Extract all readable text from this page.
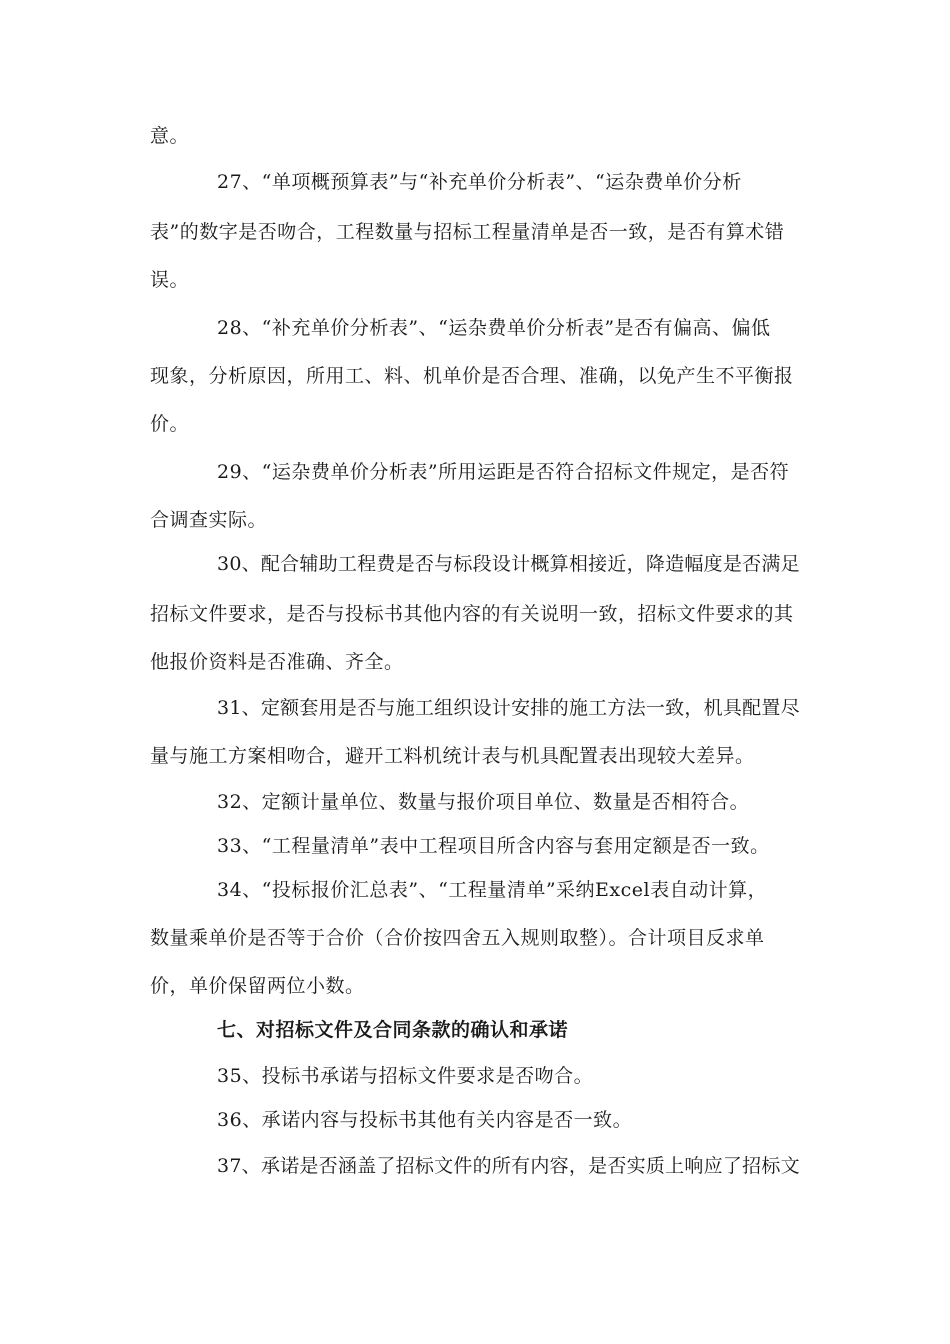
意。
27、“单项概预算表”与“补充单价分析表”、“运杂费单价分析
表”的数字是否吻合，工程数量与招标工程量清单是否一致，是否有算术错
误。
28、“补充单价分析表”、“运杂费单价分析表”是否有偏高、偏低
现象，分析原因，所用工、料、机单价是否合理、准确，以免产生不平衡报
价。
29、“运杂费单价分析表”所用运距是否符合招标文件规定，是否符
合调查实际。
30、配合辅助工程费是否与标段设计概算相接近，降造幅度是否满足
招标文件要求，是否与投标书其他内容的有关说明一致，招标文件要求的其
他报价资料是否准确、齐全。
31、定额套用是否与施工组织设计安排的施工方法一致，机具配置尽
量与施工方案相吻合，避开工料机统计表与机具配置表出现较大差异。
32、定额计量单位、数量与报价项目单位、数量是否相符合。
33、“工程量清单”表中工程项目所含内容与套用定额是否一致。
34、“投标报价汇总表”、“工程量清单”采纳Excel表自动计算，
数量乘单价是否等于合价（合价按四舍五入规则取整）。合计项目反求单
价，单价保留两位小数。
七、对招标文件及合同条款的确认和承诺
35、投标书承诺与招标文件要求是否吻合。
36、承诺内容与投标书其他有关内容是否一致。
37、承诺是否涵盖了招标文件的所有内容，是否实质上响应了招标文
